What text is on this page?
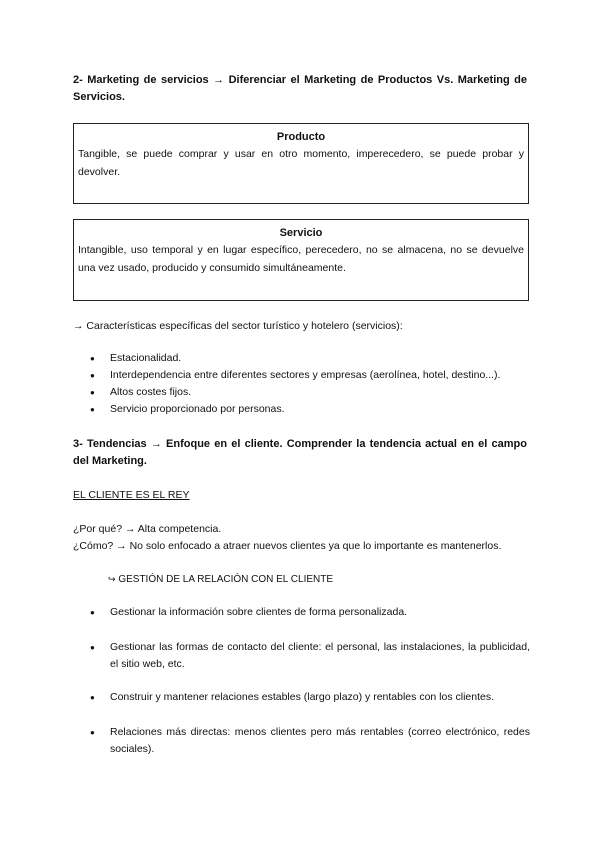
2- Marketing de servicios → Diferenciar el Marketing de Productos Vs. Marketing de Servicios.
Producto
Tangible, se puede comprar y usar en otro momento, imperecedero, se puede probar y devolver.
Servicio
Intangible, uso temporal y en lugar específico, perecedero, no se almacena, no se devuelve una vez usado, producido y consumido simultáneamente.
→ Características específicas del sector turístico y hotelero (servicios):
● Estacionalidad.
● Interdependencia entre diferentes sectores y empresas (aerolínea, hotel, destino...).
● Altos costes fijos.
● Servicio proporcionado por personas.
3- Tendencias → Enfoque en el cliente. Comprender la tendencia actual en el campo del Marketing.
EL CLIENTE ES EL REY
¿Por qué? → Alta competencia.
¿Cómo? → No solo enfocado a atraer nuevos clientes ya que lo importante es mantenerlos.
↪ GESTIÓN DE LA RELACIÓN CON EL CLIENTE
● Gestionar la información sobre clientes de forma personalizada.
● Gestionar las formas de contacto del cliente: el personal, las instalaciones, la publicidad, el sitio web, etc.
● Construir y mantener relaciones estables (largo plazo) y rentables con los clientes.
● Relaciones más directas: menos clientes pero más rentables (correo electrónico, redes sociales).
